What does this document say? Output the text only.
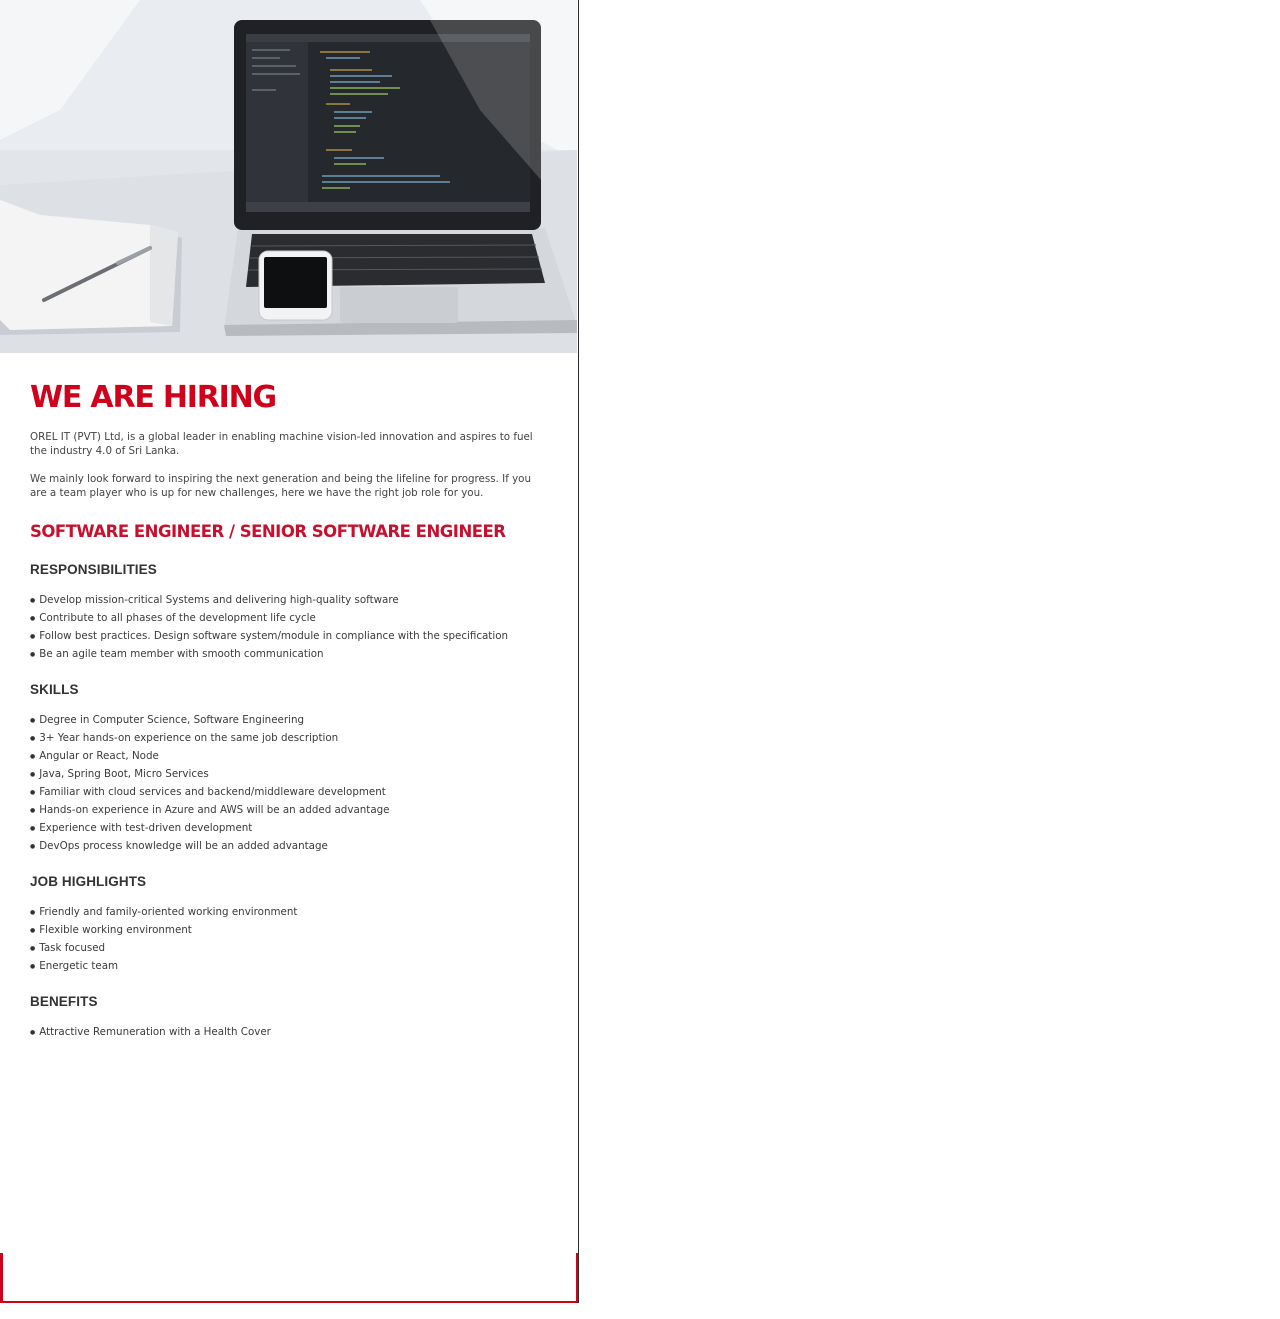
WE ARE HIRING

OREL IT (PVT) Ltd, is a global leader in enabling machine vision-led innovation and aspires to fuel the industry 4.0 of Sri Lanka.

We mainly look forward to inspiring the next generation and being the lifeline for progress. If you are a team player who is up for new challenges, here we have the right job role for you.

SOFTWARE ENGINEER / SENIOR SOFTWARE ENGINEER
RESPONSIBILITIES
● Develop mission-critical Systems and delivering high-quality software
● Contribute to all phases of the development life cycle
● Follow best practices. Design software system/module in compliance with the specification
● Be an agile team member with smooth communication
SKILLS
● Degree in Computer Science, Software Engineering
● 3+ Year hands-on experience on the same job description
● Angular or React, Node
● Java, Spring Boot, Micro Services
● Familiar with cloud services and backend/middleware development
● Hands-on experience in Azure and AWS will be an added advantage
● Experience with test-driven development
● DevOps process knowledge will be an added advantage
JOB HIGHLIGHTS
● Friendly and family-oriented working environment
● Flexible working environment
● Task focused
● Energetic team
BENEFITS
● Attractive Remuneration with a Health Cover
